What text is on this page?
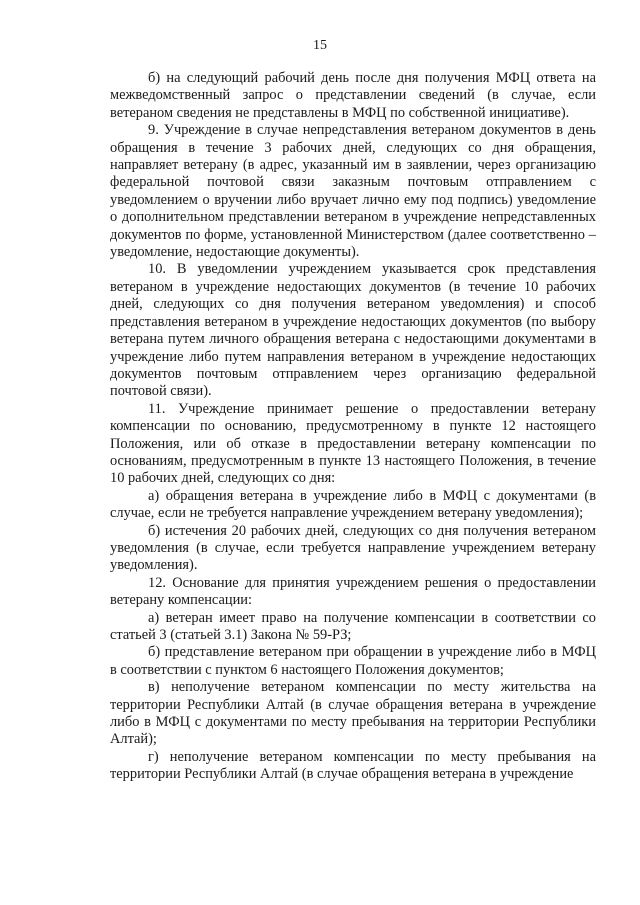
15

б) на следующий рабочий день после дня получения МФЦ ответа на межведомственный запрос о представлении сведений (в случае, если ветераном сведения не представлены в МФЦ по собственной инициативе).

9. Учреждение в случае непредставления ветераном документов в день обращения в течение 3 рабочих дней, следующих со дня обращения, направляет ветерану (в адрес, указанный им в заявлении, через организацию федеральной почтовой связи заказным почтовым отправлением с уведомлением о вручении либо вручает лично ему под подпись) уведомление о дополнительном представлении ветераном в учреждение непредставленных документов по форме, установленной Министерством (далее соответственно – уведомление, недостающие документы).

10. В уведомлении учреждением указывается срок представления ветераном в учреждение недостающих документов (в течение 10 рабочих дней, следующих со дня получения ветераном уведомления) и способ представления ветераном в учреждение недостающих документов (по выбору ветерана путем личного обращения ветерана с недостающими документами в учреждение либо путем направления ветераном в учреждение недостающих документов почтовым отправлением через организацию федеральной почтовой связи).

11. Учреждение принимает решение о предоставлении ветерану компенсации по основанию, предусмотренному в пункте 12 настоящего Положения, или об отказе в предоставлении ветерану компенсации по основаниям, предусмотренным в пункте 13 настоящего Положения, в течение 10 рабочих дней, следующих со дня:

а) обращения ветерана в учреждение либо в МФЦ с документами (в случае, если не требуется направление учреждением ветерану уведомления);

б) истечения 20 рабочих дней, следующих со дня получения ветераном уведомления (в случае, если требуется направление учреждением ветерану уведомления).

12. Основание для принятия учреждением решения о предоставлении ветерану компенсации:

а) ветеран имеет право на получение компенсации в соответствии со статьей 3 (статьей 3.1) Закона № 59-РЗ;

б) представление ветераном при обращении в учреждение либо в МФЦ в соответствии с пунктом 6 настоящего Положения документов;

в) неполучение ветераном компенсации по месту жительства на территории Республики Алтай (в случае обращения ветерана в учреждение либо в МФЦ с документами по месту пребывания на территории Республики Алтай);

г) неполучение ветераном компенсации по месту пребывания на территории Республики Алтай (в случае обращения ветерана в учреждение
